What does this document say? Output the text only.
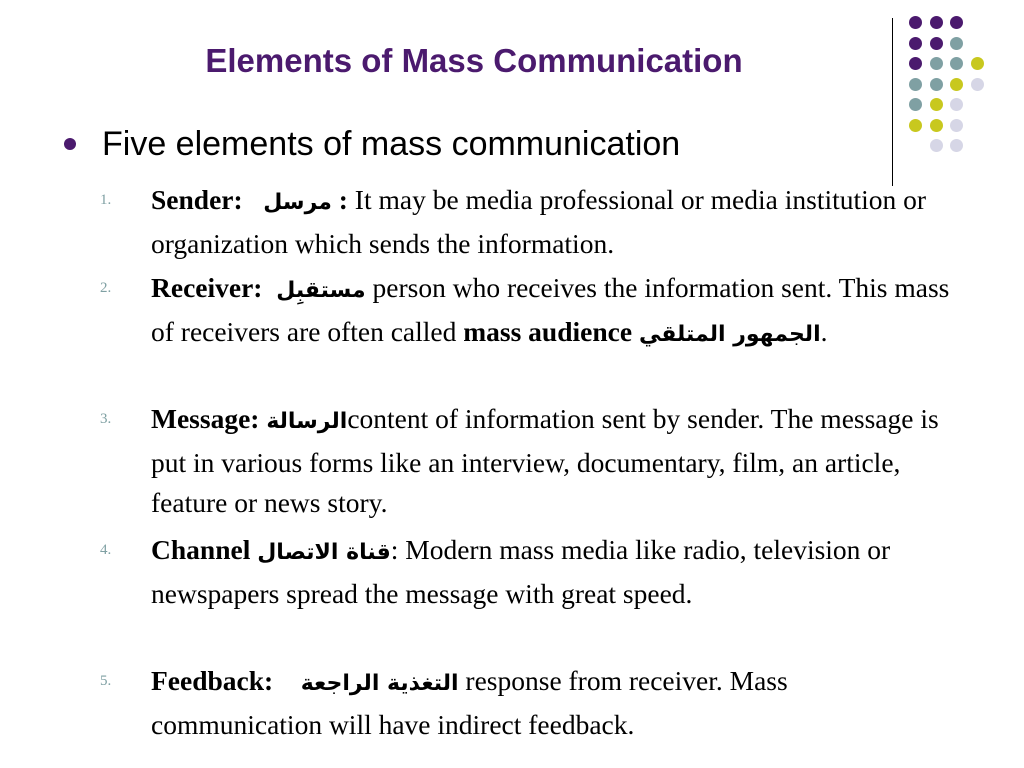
Elements of Mass Communication
Five elements of mass communication
1.	Sender: مرسل : It may be media professional or media institution or organization which sends the information.
2.	Receiver: مستقبِل person who receives the information sent. This mass of receivers are often called mass audience الجمهور المتلقي.
3.	Message: الرسالةcontent of information sent by sender. The message is put in various forms like an interview, documentary, film, an article, feature or news story.
4.	Channel قناة الاتصال: Modern mass media like radio, television or newspapers spread the message with great speed.
5.	Feedback: التغذية الراجعة response from receiver. Mass communication will have indirect feedback.
